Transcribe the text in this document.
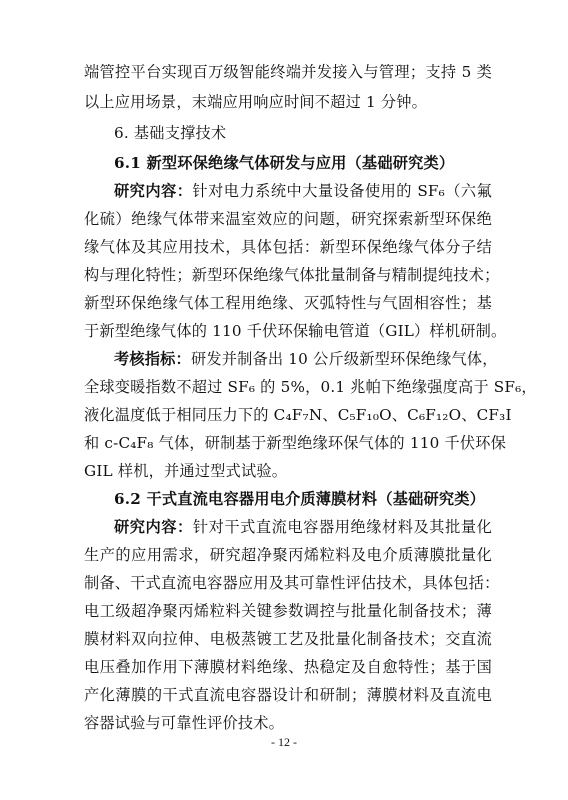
端管控平台实现百万级智能终端并发接入与管理；支持 5 类
以上应用场景，末端应用响应时间不超过 1 分钟。
6. 基础支撑技术
6.1 新型环保绝缘气体研发与应用（基础研究类）
研究内容：针对电力系统中大量设备使用的 SF₆（六氟
化硫）绝缘气体带来温室效应的问题，研究探索新型环保绝
缘气体及其应用技术，具体包括：新型环保绝缘气体分子结
构与理化特性；新型环保绝缘气体批量制备与精制提纯技术；
新型环保绝缘气体工程用绝缘、灭弧特性与气固相容性；基
于新型绝缘气体的 110 千伏环保输电管道（GIL）样机研制。
考核指标：研发并制备出 10 公斤级新型环保绝缘气体，
全球变暖指数不超过 SF₆ 的 5%，0.1 兆帕下绝缘强度高于 SF₆，
液化温度低于相同压力下的 C₄F₇N、C₅F₁₀O、C₆F₁₂O、CF₃I
和 c-C₄F₈ 气体，研制基于新型绝缘环保气体的 110 千伏环保
GIL 样机，并通过型式试验。
6.2 干式直流电容器用电介质薄膜材料（基础研究类）
研究内容：针对干式直流电容器用绝缘材料及其批量化
生产的应用需求，研究超净聚丙烯粒料及电介质薄膜批量化
制备、干式直流电容器应用及其可靠性评估技术，具体包括：
电工级超净聚丙烯粒料关键参数调控与批量化制备技术；薄
膜材料双向拉伸、电极蒸镀工艺及批量化制备技术；交直流
电压叠加作用下薄膜材料绝缘、热稳定及自愈特性；基于国
产化薄膜的干式直流电容器设计和研制；薄膜材料及直流电
容器试验与可靠性评价技术。
- 12 -
